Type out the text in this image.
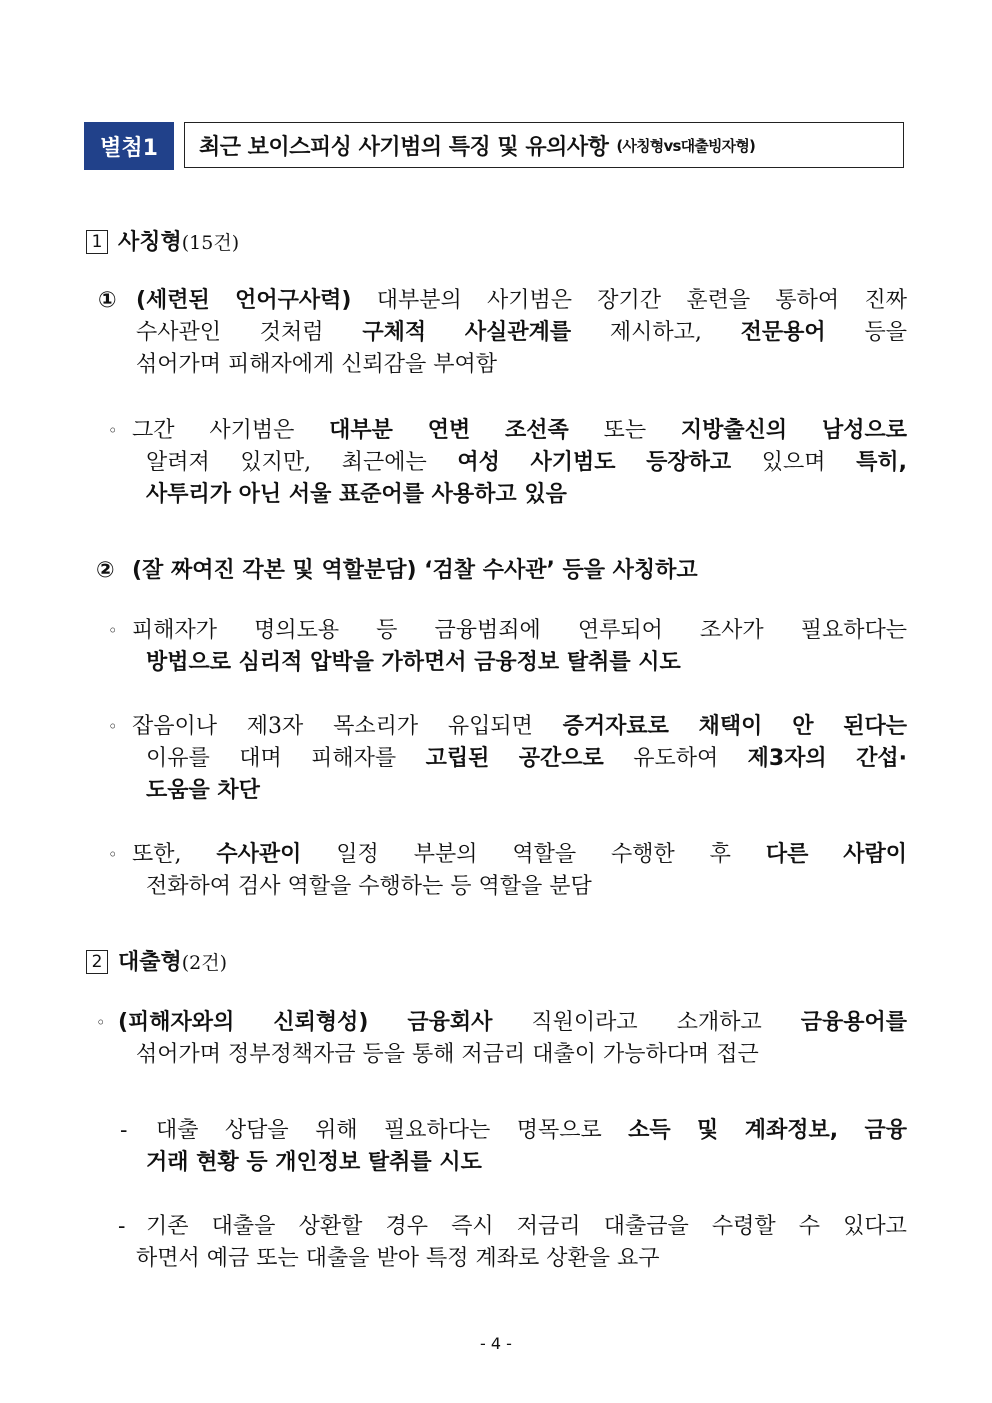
별첨1	최근 보이스피싱 사기범의 특징 및 유의사항 (사칭형vs대출빙자형)
1 사칭형(15건)
① (세련된 언어구사력) 대부분의 사기범은 장기간 훈련을 통하여 진짜
수사관인 것처럼 구체적 사실관계를 제시하고, 전문용어 등을
섞어가며 피해자에게 신뢰감을 부여함
◦ 그간 사기범은 대부분 연변 조선족 또는 지방출신의 남성으로
알려져 있지만, 최근에는 여성 사기범도 등장하고 있으며 특히,
사투리가 아닌 서울 표준어를 사용하고 있음
② (잘 짜여진 각본 및 역할분담) ‘검찰 수사관’ 등을 사칭하고
◦ 피해자가 명의도용 등 금융범죄에 연루되어 조사가 필요하다는
방법으로 심리적 압박을 가하면서 금융정보 탈취를 시도
◦ 잡음이나 제3자 목소리가 유입되면 증거자료로 채택이 안 된다는
이유를 대며 피해자를 고립된 공간으로 유도하여 제3자의 간섭·
도움을 차단
◦ 또한, 수사관이 일정 부분의 역할을 수행한 후 다른 사람이
전화하여 검사 역할을 수행하는 등 역할을 분담
2 대출형(2건)
◦ (피해자와의 신뢰형성) 금융회사 직원이라고 소개하고 금융용어를
섞어가며 정부정책자금 등을 통해 저금리 대출이 가능하다며 접근
- 대출 상담을 위해 필요하다는 명목으로 소득 및 계좌정보, 금융
거래 현황 등 개인정보 탈취를 시도
- 기존 대출을 상환할 경우 즉시 저금리 대출금을 수령할 수 있다고
하면서 예금 또는 대출을 받아 특정 계좌로 상환을 요구
- 4 -
